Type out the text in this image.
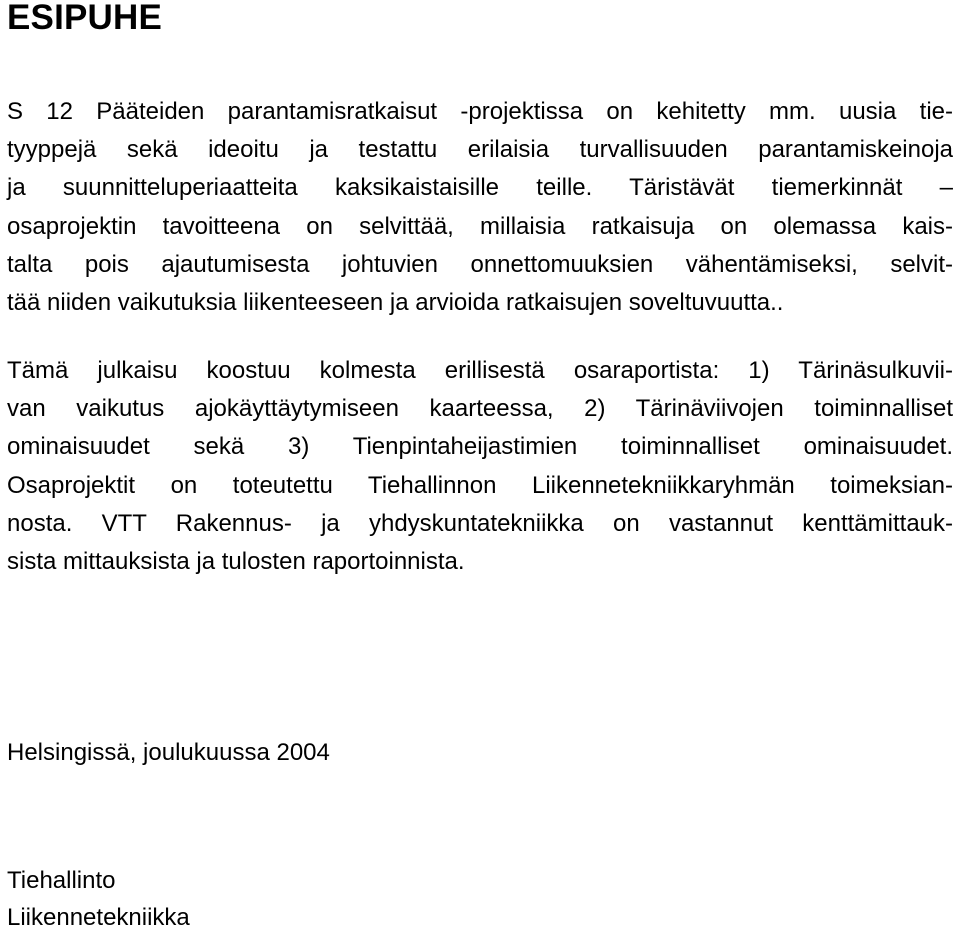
ESIPUHE

S 12 Pääteiden parantamisratkaisut -projektissa on kehitetty mm. uusia tie-
tyyppejä sekä ideoitu ja testattu erilaisia turvallisuuden parantamiskeinoja
ja suunnitteluperiaatteita kaksikaistaisille teille. Täristävät tiemerkinnät –
osaprojektin tavoitteena on selvittää, millaisia ratkaisuja on olemassa kais-
talta pois ajautumisesta johtuvien onnettomuuksien vähentämiseksi, selvit-
tää niiden vaikutuksia liikenteeseen ja arvioida ratkaisujen soveltuvuutta..

Tämä julkaisu koostuu kolmesta erillisestä osaraportista: 1) Tärinäsulkuvii-
van vaikutus ajokäyttäytymiseen kaarteessa, 2) Tärinäviivojen toiminnalliset
ominaisuudet sekä 3) Tienpintaheijastimien toiminnalliset ominaisuudet.
Osaprojektit on toteutettu Tiehallinnon Liikennetekniikkaryhmän toimeksian-
nosta. VTT Rakennus- ja yhdyskuntatekniikka on vastannut kenttämittauk-
sista mittauksista ja tulosten raportoinnista.

Helsingissä, joulukuussa 2004

Tiehallinto

Liikennetekniikka
